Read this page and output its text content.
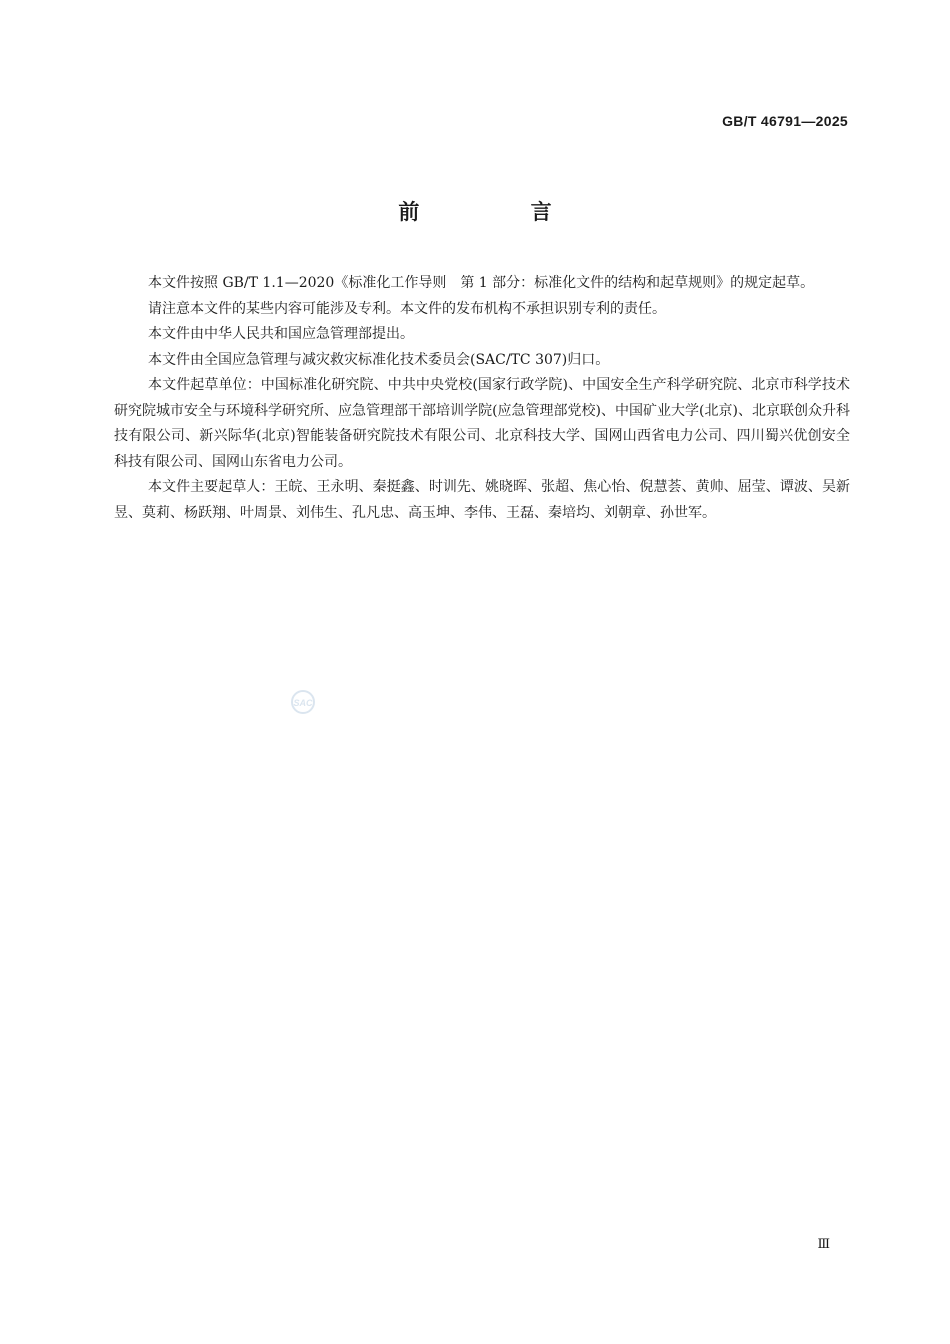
GB/T 46791—2025
前 言

本文件按照 GB/T 1.1—2020《标准化工作导则　第 1 部分：标准化文件的结构和起草规则》的规定起草。

请注意本文件的某些内容可能涉及专利。本文件的发布机构不承担识别专利的责任。

本文件由中华人民共和国应急管理部提出。

本文件由全国应急管理与减灾救灾标准化技术委员会(SAC/TC 307)归口。

本文件起草单位：中国标准化研究院、中共中央党校(国家行政学院)、中国安全生产科学研究院、北京市科学技术研究院城市安全与环境科学研究所、应急管理部干部培训学院(应急管理部党校)、中国矿业大学(北京)、北京联创众升科技有限公司、新兴际华(北京)智能装备研究院技术有限公司、北京科技大学、国网山西省电力公司、四川蜀兴优创安全科技有限公司、国网山东省电力公司。

本文件主要起草人：王皖、王永明、秦挺鑫、时训先、姚晓晖、张超、焦心怡、倪慧荟、黄帅、屈莹、谭波、吴新昱、莫莉、杨跃翔、叶周景、刘伟生、孔凡忠、高玉坤、李伟、王磊、秦培均、刘朝章、孙世军。

SAC
Ⅲ
